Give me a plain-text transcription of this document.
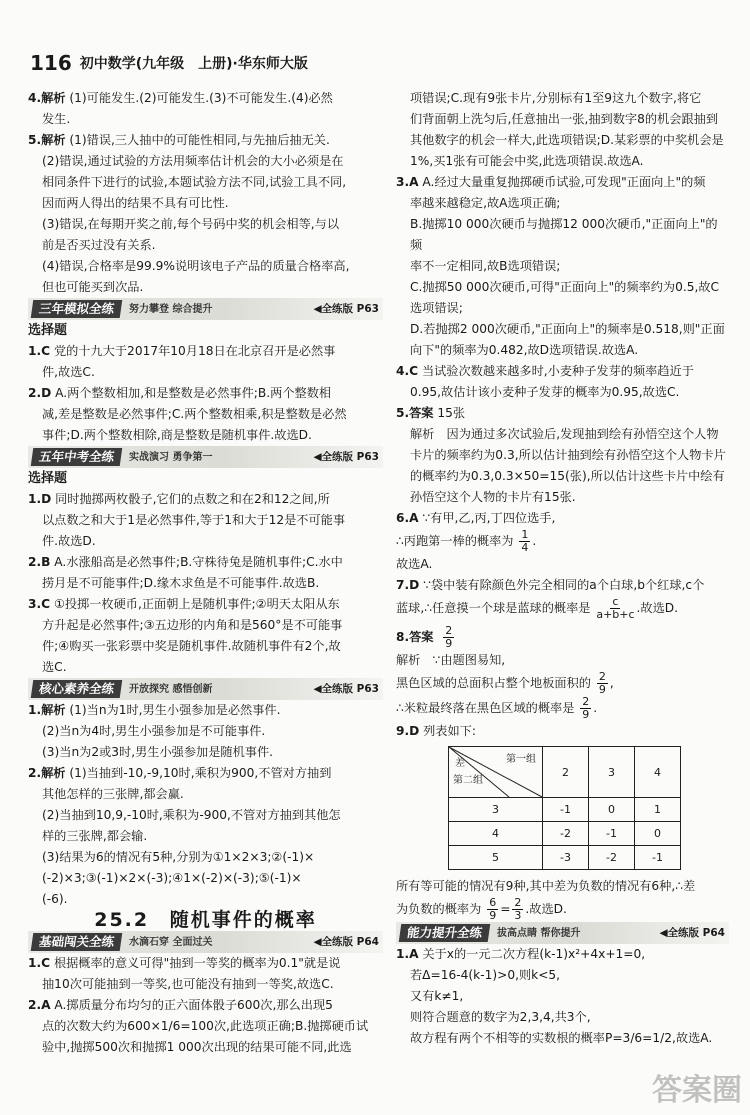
116 初中数学(九年级　上册)·华东师大版
4.解析 (1)可能发生.(2)可能发生.(3)不可能发生.(4)必然
发生.
5.解析 (1)错误,三人抽中的可能性相同,与先抽后抽无关.
(2)错误,通过试验的方法用频率估计机会的大小必须是在
相同条件下进行的试验,本题试验方法不同,试验工具不同,
因而两人得出的结果不具有可比性.
(3)错误,在每期开奖之前,每个号码中奖的机会相等,与以
前是否买过没有关系.
(4)错误,合格率是99.9%说明该电子产品的质量合格率高,
但也可能买到次品.
三年模拟全练	努力攀登 综合提升	◀全练版 P63
选择题
1.C 党的十九大于2017年10月18日在北京召开是必然事
件,故选C.
2.D A.两个整数相加,和是整数是必然事件;B.两个整数相
减,差是整数是必然事件;C.两个整数相乘,积是整数是必然
事件;D.两个整数相除,商是整数是随机事件.故选D.
五年中考全练	实战演习 勇争第一	◀全练版 P63
选择题
1.D 同时抛掷两枚骰子,它们的点数之和在2和12之间,所
以点数之和大于1是必然事件,等于1和大于12是不可能事
件.故选D.
2.B A.水涨船高是必然事件;B.守株待兔是随机事件;C.水中
捞月是不可能事件;D.缘木求鱼是不可能事件.故选B.
3.C ①投掷一枚硬币,正面朝上是随机事件;②明天太阳从东
方升起是必然事件;③五边形的内角和是560°是不可能事
件;④购买一张彩票中奖是随机事件.故随机事件有2个,故
选C.
核心素养全练	开放探究 感悟创新	◀全练版 P63
1.解析 (1)当n为1时,男生小强参加是必然事件.
(2)当n为4时,男生小强参加是不可能事件.
(3)当n为2或3时,男生小强参加是随机事件.
2.解析 (1)当抽到-10,-9,10时,乘积为900,不管对方抽到
其他怎样的三张牌,都会赢.
(2)当抽到10,9,-10时,乘积为-900,不管对方抽到其他怎
样的三张牌,都会输.
(3)结果为6的情况有5种,分别为①1×2×3;②(-1)×
(-2)×3;③(-1)×2×(-3);④1×(-2)×(-3);⑤(-1)×
(-6).
25.2 随机事件的概率
基础闯关全练	水滴石穿 全面过关	◀全练版 P64
1.C 根据概率的意义可得"抽到一等奖的概率为0.1"就是说
抽10次可能抽到一等奖,也可能没有抽到一等奖,故选C.
2.A A.掷质量分布均匀的正六面体骰子600次,那么出现5
点的次数大约为600×1/6=100次,此选项正确;B.抛掷硬币试
验中,抛掷500次和抛掷1 000次出现的结果可能不同,此选
项错误;C.现有9张卡片,分别标有1至9这九个数字,将它
们背面朝上洗匀后,任意抽出一张,抽到数字8的机会跟抽到
其他数字的机会一样大,此选项错误;D.某彩票的中奖机会是
1%,买1张有可能会中奖,此选项错误.故选A.
3.A A.经过大量重复抛掷硬币试验,可发现"正面向上"的频
率越来越稳定,故A选项正确;
B.抛掷10 000次硬币与抛掷12 000次硬币,"正面向上"的频
率不一定相同,故B选项错误;
C.抛掷50 000次硬币,可得"正面向上"的频率约为0.5,故C
选项错误;
D.若抛掷2 000次硬币,"正面向上"的频率是0.518,则"正面
向下"的频率为0.482,故D选项错误.故选A.
4.C 当试验次数越来越多时,小麦种子发芽的频率趋近于
0.95,故估计该小麦种子发芽的概率为0.95,故选C.
5.答案 15张
解析　因为通过多次试验后,发现抽到绘有孙悟空这个人物
卡片的频率约为0.3,所以估计抽到绘有孙悟空这个人物卡片
的概率约为0.3,0.3×50=15(张),所以估计这些卡片中绘有
孙悟空这个人物的卡片有15张.
6.A ∵有甲,乙,丙,丁四位选手,
∴丙跑第一棒的概率为 $\frac{1}{4}$ .
故选A.
7.D ∵袋中装有除颜色外完全相同的a个白球,b个红球,c个
蓝球,∴任意摸一个球是蓝球的概率是 $\frac{c}{a+b+c}$ .故选D.
8.答案 $\frac{2}{9}$
解析　∵由题图易知,
黑色区域的总面积占整个地板面积的 $\frac{2}{9}$ ,
∴米粒最终落在黑色区域的概率是 $\frac{2}{9}$ .
9.D 列表如下:
第一组
差
第二组	2	3	4
3	-1	0	1
4	-2	-1	0
5	-3	-2	-1
所有等可能的情况有9种,其中差为负数的情况有6种,∴差
为负数的概率为 $\frac{6}{9} = \frac{2}{3}$ .故选D.
能力提升全练	拔高点睛 帮你提升	◀全练版 P64
1.A 关于x的一元二次方程(k-1)x²+4x+1=0,
若Δ=16-4(k-1)>0,则k<5,
又有k≠1,
则符合题意的数字为2,3,4,共3个,
故方程有两个不相等的实数根的概率P=3/6=1/2,故选A.
答案圈
